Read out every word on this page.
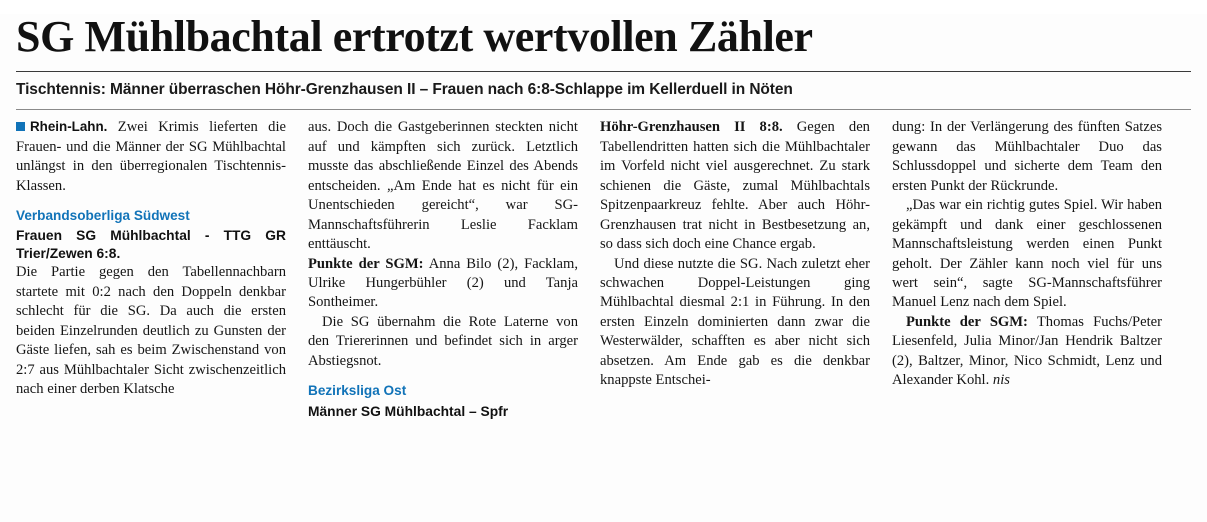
SG Mühlbachtal ertrotzt wertvollen Zähler
Tischtennis: Männer überraschen Höhr-Grenzhausen II – Frauen nach 6:8-Schlappe im Kellerduell in Nöten

Rhein-Lahn. Zwei Krimis lieferten die Frauen- und die Männer der SG Mühlbachtal unlängst in den überregionalen Tischtennis-Klassen.

Verbandsoberliga Südwest

Frauen SG Mühlbachtal - TTG GR Trier/Zewen 6:8.

Die Partie gegen den Tabellennachbarn startete mit 0:2 nach den Doppeln denkbar schlecht für die SG. Da auch die ersten beiden Einzelrunden deutlich zu Gunsten der Gäste liefen, sah es beim Zwischenstand von 2:7 aus Mühlbachtaler Sicht zwischenzeitlich nach einer derben Klatsche

aus. Doch die Gastgeberinnen steckten nicht auf und kämpften sich zurück. Letztlich musste das abschließende Einzel des Abends entscheiden. „Am Ende hat es nicht für ein Unentschieden gereicht“, war SG-Mannschaftsführerin Leslie Facklam enttäuscht.

Punkte der SGM: Anna Bilo (2), Facklam, Ulrike Hungerbühler (2) und Tanja Sontheimer.

Die SG übernahm die Rote Laterne von den Triererinnen und befindet sich in arger Abstiegsnot.

Bezirksliga Ost

Männer SG Mühlbachtal – Spfr

Höhr-Grenzhausen II 8:8. Gegen den Tabellendritten hatten sich die Mühlbachtaler im Vorfeld nicht viel ausgerechnet. Zu stark schienen die Gäste, zumal Mühlbachtals Spitzenpaarkreuz fehlte. Aber auch Höhr-Grenzhausen trat nicht in Bestbesetzung an, so dass sich doch eine Chance ergab.

Und diese nutzte die SG. Nach zuletzt eher schwachen Doppel-Leistungen ging Mühlbachtal diesmal 2:1 in Führung. In den ersten Einzeln dominierten dann zwar die Westerwälder, schafften es aber nicht sich absetzen. Am Ende gab es die denkbar knappste Entschei-

dung: In der Verlängerung des fünften Satzes gewann das Mühlbachtaler Duo das Schlussdoppel und sicherte dem Team den ersten Punkt der Rückrunde.

„Das war ein richtig gutes Spiel. Wir haben gekämpft und dank einer geschlossenen Mannschaftsleistung werden einen Punkt geholt. Der Zähler kann noch viel für uns wert sein“, sagte SG-Mannschaftsführer Manuel Lenz nach dem Spiel.

Punkte der SGM: Thomas Fuchs/Peter Liesenfeld, Julia Minor/Jan Hendrik Baltzer (2), Baltzer, Minor, Nico Schmidt, Lenz und Alexander Kohl. nis
